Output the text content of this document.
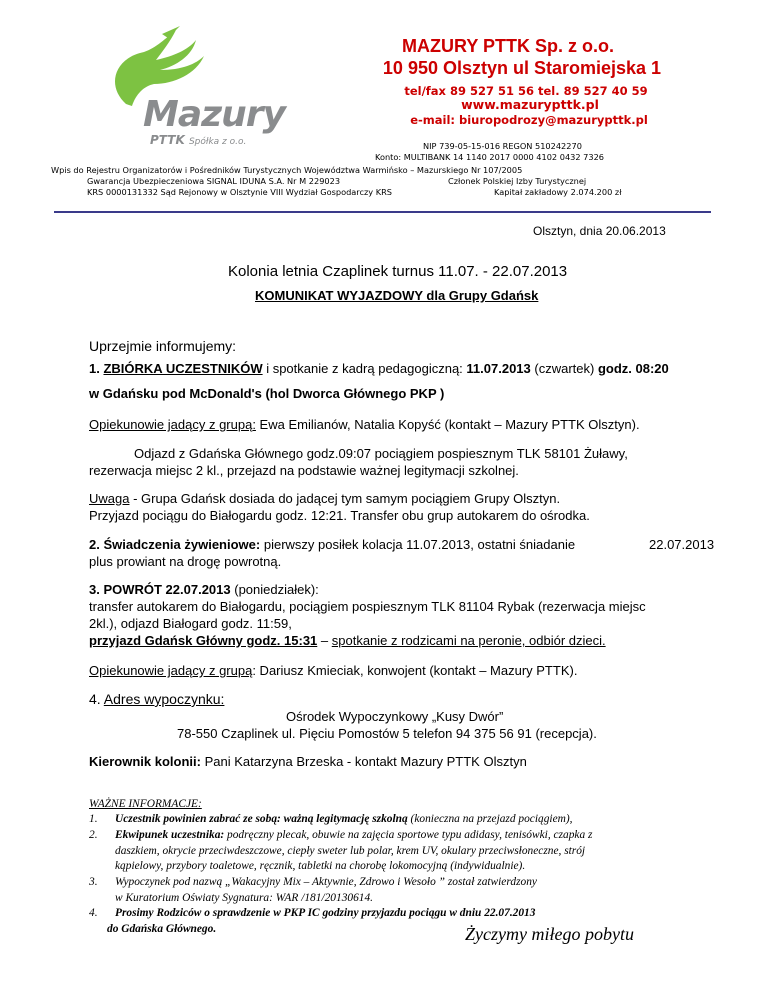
Mazury
PTTK Spółka z o.o.
MAZURY PTTK Sp. z o.o.
10 950 Olsztyn ul Staromiejska 1
tel/fax 89 527 51 56 tel. 89 527 40 59
www.mazurypttk.pl
e-mail: biuropodrozy@mazurypttk.pl
NIP 739-05-15-016 REGON 510242270
Konto: MULTIBANK 14 1140 2017 0000 4102 0432 7326
Wpis do Rejestru Organizatorów i Pośredników Turystycznych Województwa Warmińsko – Mazurskiego Nr 107/2005
Gwarancja Ubezpieczeniowa SIGNAL IDUNA S.A. Nr M 229023	Członek Polskiej Izby Turystycznej
KRS 0000131332 Sąd Rejonowy w Olsztynie VIII Wydział Gospodarczy KRS	Kapitał zakładowy 2.074.200 zł
Olsztyn, dnia 20.06.2013
Kolonia letnia Czaplinek turnus 11.07. - 22.07.2013
KOMUNIKAT WYJAZDOWY dla Grupy Gdańsk
Uprzejmie informujemy:
1. ZBIÓRKA UCZESTNIKÓW i spotkanie z kadrą pedagogiczną: 11.07.2013 (czwartek) godz. 08:20
w Gdańsku pod McDonald's (hol Dworca Głównego PKP )
Opiekunowie jadący z grupą: Ewa Emilianów, Natalia Kopyść (kontakt – Mazury PTTK Olsztyn).
Odjazd z Gdańska Głównego godz.09:07 pociągiem pospiesznym TLK 58101 Żuławy,
rezerwacja miejsc 2 kl., przejazd na podstawie ważnej legitymacji szkolnej.
Uwaga - Grupa Gdańsk dosiada do jadącej tym samym pociągiem Grupy Olsztyn.
Przyjazd pociągu do Białogardu godz. 12:21. Transfer obu grup autokarem do ośrodka.
2. Świadczenia żywieniowe: pierwszy posiłek kolacja 11.07.2013, ostatni śniadanie	22.07.2013
plus prowiant na drogę powrotną.
3. POWRÓT 22.07.2013 (poniedziałek):
transfer autokarem do Białogardu, pociągiem pospiesznym TLK 81104 Rybak (rezerwacja miejsc
2kl.), odjazd Białogard godz. 11:59,
przyjazd Gdańsk Główny godz. 15:31 – spotkanie z rodzicami na peronie, odbiór dzieci.
Opiekunowie jadący z grupą: Dariusz Kmieciak, konwojent (kontakt – Mazury PTTK).
4. Adres wypoczynku:
Ośrodek Wypoczynkowy „Kusy Dwór”
78-550 Czaplinek ul. Pięciu Pomostów 5 telefon 94 375 56 91 (recepcja).
Kierownik kolonii: Pani Katarzyna Brzeska - kontakt Mazury PTTK Olsztyn
WAŻNE INFORMACJE:
1. Uczestnik powinien zabrać ze sobą: ważną legitymację szkolną (konieczna na przejazd pociągiem),
2. Ekwipunek uczestnika: podręczny plecak, obuwie na zajęcia sportowe typu adidasy, tenisówki, czapka z
daszkiem, okrycie przeciwdeszczowe, ciepły sweter lub polar, krem UV, okulary przeciwsłoneczne, strój
kąpielowy, przybory toaletowe, ręcznik, tabletki na chorobę lokomocyjną (indywidualnie).
3. Wypoczynek pod nazwą „Wakacyjny Mix – Aktywnie, Zdrowo i Wesoło ” został zatwierdzony
w Kuratorium Oświaty Sygnatura: WAR /181/20130614.
4. Prosimy Rodziców o sprawdzenie w PKP IC godziny przyjazdu pociągu w dniu 22.07.2013
do Gdańska Głównego.	Życzymy miłego pobytu
